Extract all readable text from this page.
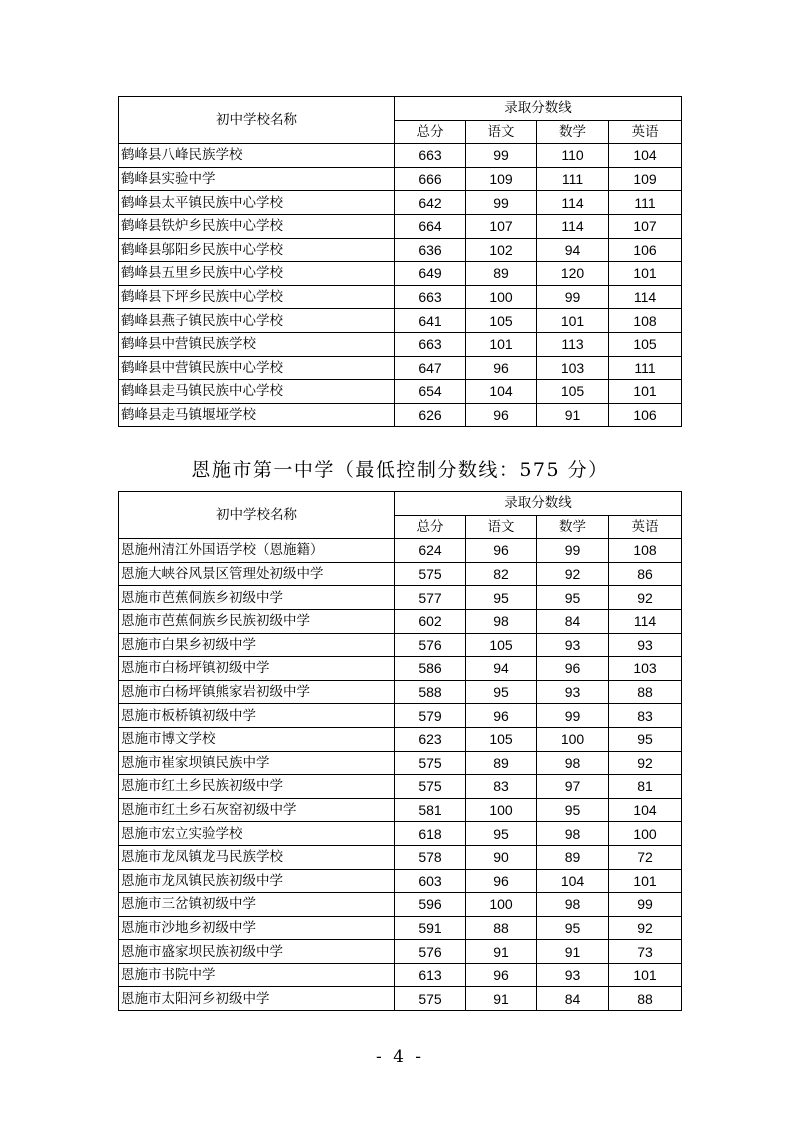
初中学校名称	录取分数线			
	总分	语文	数学	英语
鹤峰县八峰民族学校	663	99	110	104
鹤峰县实验中学	666	109	111	109
鹤峰县太平镇民族中心学校	642	99	114	111
鹤峰县铁炉乡民族中心学校	664	107	114	107
鹤峰县邬阳乡民族中心学校	636	102	94	106
鹤峰县五里乡民族中心学校	649	89	120	101
鹤峰县下坪乡民族中心学校	663	100	99	114
鹤峰县燕子镇民族中心学校	641	105	101	108
鹤峰县中营镇民族学校	663	101	113	105
鹤峰县中营镇民族中心学校	647	96	103	111
鹤峰县走马镇民族中心学校	654	104	105	101
鹤峰县走马镇堰垭学校	626	96	91	106
恩施市第一中学（最低控制分数线：575 分）
初中学校名称	录取分数线			
	总分	语文	数学	英语
恩施州清江外国语学校（恩施籍）	624	96	99	108
恩施大峡谷风景区管理处初级中学	575	82	92	86
恩施市芭蕉侗族乡初级中学	577	95	95	92
恩施市芭蕉侗族乡民族初级中学	602	98	84	114
恩施市白果乡初级中学	576	105	93	93
恩施市白杨坪镇初级中学	586	94	96	103
恩施市白杨坪镇熊家岩初级中学	588	95	93	88
恩施市板桥镇初级中学	579	96	99	83
恩施市博文学校	623	105	100	95
恩施市崔家坝镇民族中学	575	89	98	92
恩施市红土乡民族初级中学	575	83	97	81
恩施市红土乡石灰窑初级中学	581	100	95	104
恩施市宏立实验学校	618	95	98	100
恩施市龙凤镇龙马民族学校	578	90	89	72
恩施市龙凤镇民族初级中学	603	96	104	101
恩施市三岔镇初级中学	596	100	98	99
恩施市沙地乡初级中学	591	88	95	92
恩施市盛家坝民族初级中学	576	91	91	73
恩施市书院中学	613	96	93	101
恩施市太阳河乡初级中学	575	91	84	88
- 4 -
